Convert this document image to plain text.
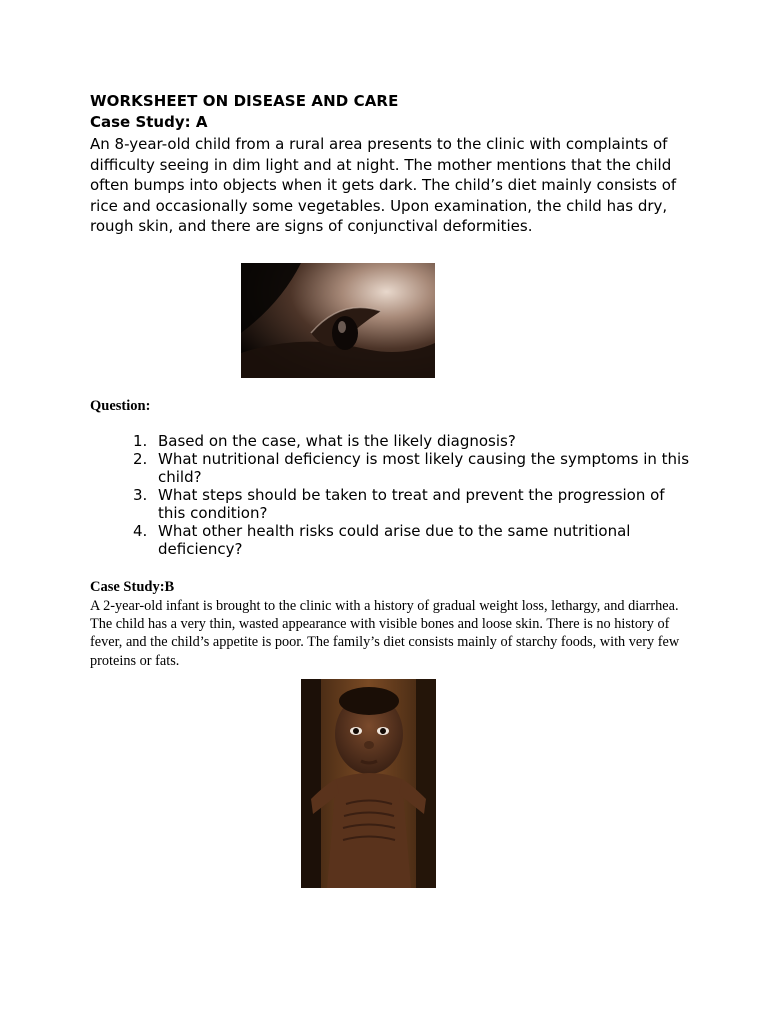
WORKSHEET ON DISEASE AND CARE
Case Study: A
An 8-year-old child from a rural area presents to the clinic with complaints of difficulty seeing in dim light and at night. The mother mentions that the child often bumps into objects when it gets dark. The child’s diet mainly consists of rice and occasionally some vegetables. Upon examination, the child has dry, rough skin, and there are signs of conjunctival deformities.
Question:
1. Based on the case, what is the likely diagnosis?
2. What nutritional deficiency is most likely causing the symptoms in this child?
3. What steps should be taken to treat and prevent the progression of this condition?
4. What other health risks could arise due to the same nutritional deficiency?
Case Study:B
A 2-year-old infant is brought to the clinic with a history of gradual weight loss, lethargy, and diarrhea. The child has a very thin, wasted appearance with visible bones and loose skin. There is no history of fever, and the child’s appetite is poor. The family’s diet consists mainly of starchy foods, with very few proteins or fats.
